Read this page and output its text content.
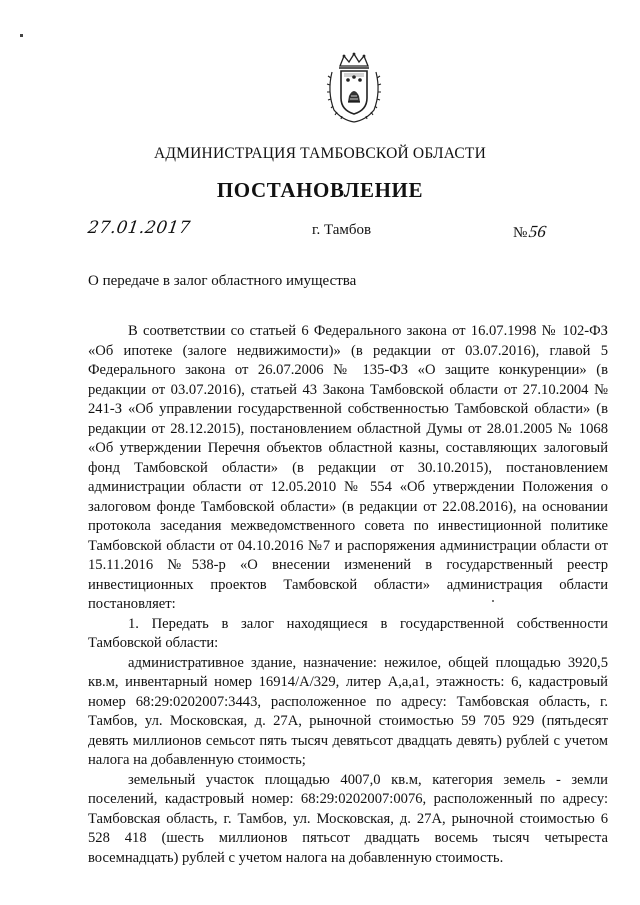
АДМИНИСТРАЦИЯ ТАМБОВСКОЙ ОБЛАСТИ
ПОСТАНОВЛЕНИЕ
27.01.2017	г. Тамбов	№56
О передаче в залог областного имущества

В соответствии со статьей 6 Федерального закона от 16.07.1998 № 102-ФЗ «Об ипотеке (залоге недвижимости)» (в редакции от 03.07.2016), главой 5 Федерального закона от 26.07.2006 № 135-ФЗ «О защите конкуренции» (в редакции от 03.07.2016), статьей 43 Закона Тамбовской области от 27.10.2004 № 241-З «Об управлении государственной собственностью Тамбовской области» (в редакции от 28.12.2015), постановлением областной Думы от 28.01.2005 № 1068 «Об утверждении Перечня объектов областной казны, составляющих залоговый фонд Тамбовской области» (в редакции от 30.10.2015), постановлением администрации области от 12.05.2010 № 554 «Об утверждении Положения о залоговом фонде Тамбовской области» (в редакции от 22.08.2016), на основании протокола заседания межведомственного совета по инвестиционной политике Тамбовской области от 04.10.2016 №7 и распоряжения администрации области от 15.11.2016 №538-р «О внесении изменений в государственный реестр инвестиционных проектов Тамбовской области» администрация области постановляет:

1. Передать в залог находящиеся в государственной собственности Тамбовской области:

административное здание, назначение: нежилое, общей площадью 3920,5 кв.м, инвентарный номер 16914/А/329, литер А,а,а1, этажность: 6, кадастровый номер 68:29:0202007:3443, расположенное по адресу: Тамбовская область, г. Тамбов, ул. Московская, д. 27А, рыночной стоимостью 59 705 929 (пятьдесят девять миллионов семьсот пять тысяч девятьсот двадцать девять) рублей с учетом налога на добавленную стоимость;

земельный участок площадью 4007,0 кв.м, категория земель - земли поселений, кадастровый номер: 68:29:0202007:0076, расположенный по адресу: Тамбовская область, г. Тамбов, ул. Московская, д. 27А, рыночной стоимостью 6 528 418 (шесть миллионов пятьсот двадцать восемь тысяч четыреста восемнадцать) рублей с учетом налога на добавленную стоимость.
